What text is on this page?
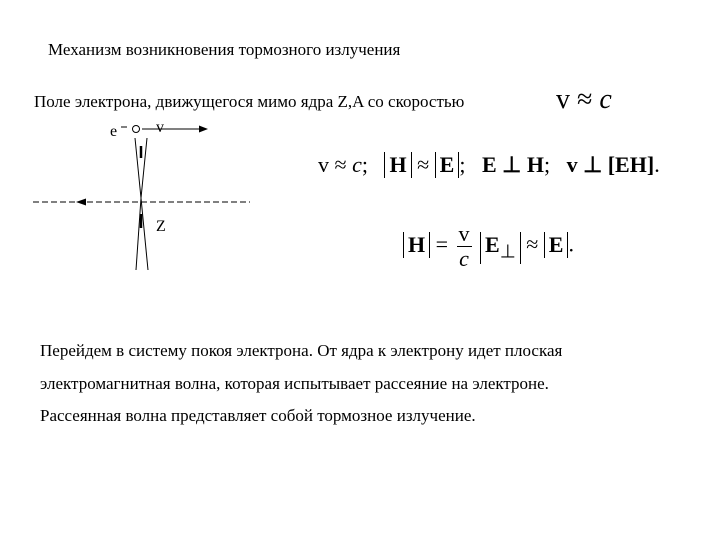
Механизм возникновения тормозного излучения
Поле электрона, движущегося мимо ядра Z,A со скоростью	v ≈ c
e v
Z
v ≈ c; H ≈ E ; E ⊥ H; v ⊥ [EH].
$H = \frac{v}{c} E_\perp \approx E$ .
Перейдем в систему покоя электрона. От ядра к электрону идет плоская
электромагнитная волна, которая испытывает рассеяние на электроне.
Рассеянная волна представляет собой тормозное излучение.
